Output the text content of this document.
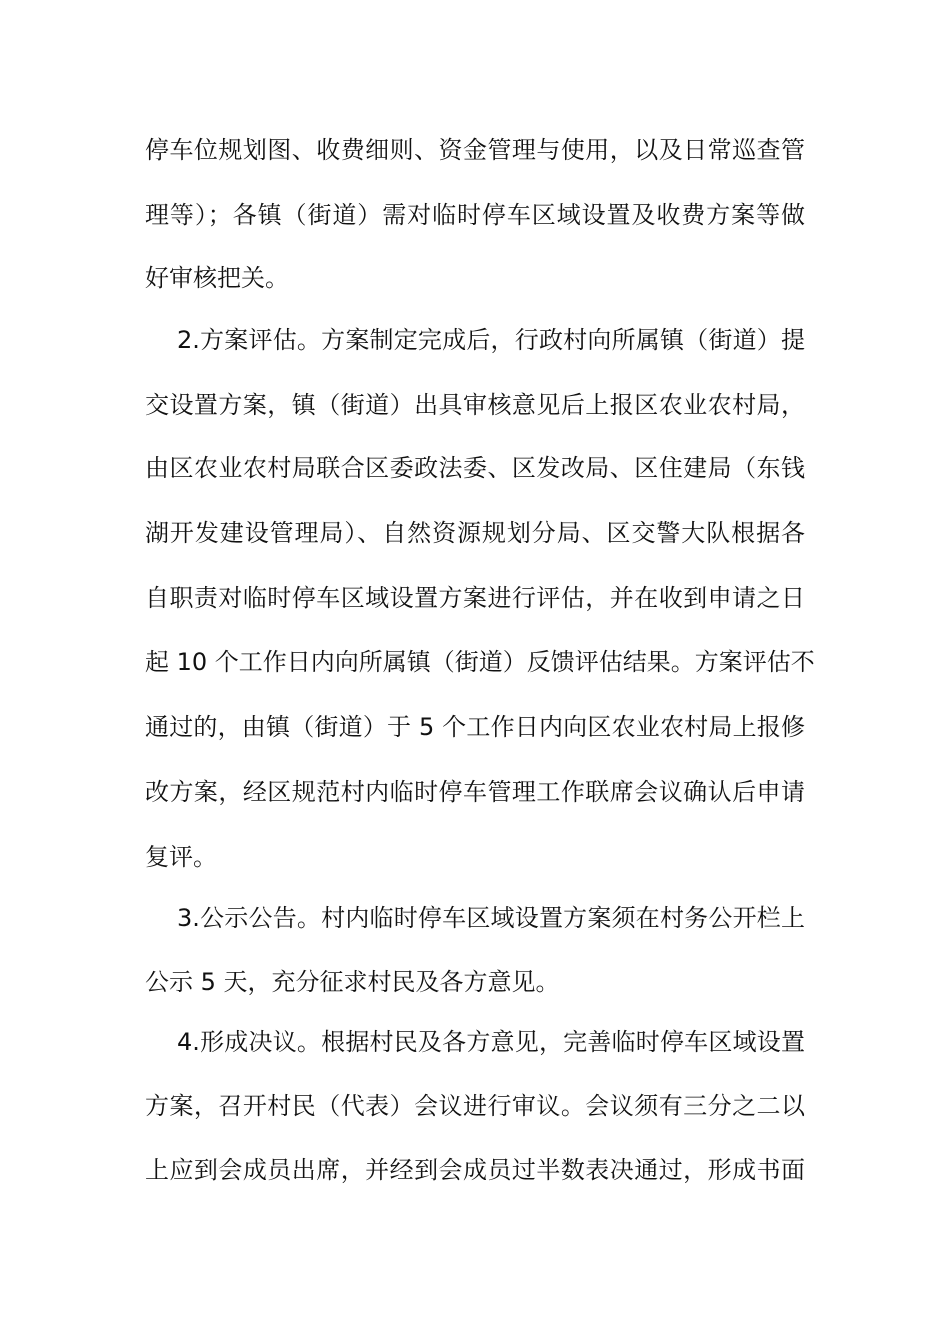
停车位规划图、收费细则、资金管理与使用，以及日常巡查管
理等）；各镇（街道）需对临时停车区域设置及收费方案等做
好审核把关。
2.方案评估。方案制定完成后，行政村向所属镇（街道）提
交设置方案，镇（街道）出具审核意见后上报区农业农村局，
由区农业农村局联合区委政法委、区发改局、区住建局（东钱
湖开发建设管理局）、自然资源规划分局、区交警大队根据各
自职责对临时停车区域设置方案进行评估，并在收到申请之日
起 10 个工作日内向所属镇（街道）反馈评估结果。方案评估不
通过的，由镇（街道）于 5 个工作日内向区农业农村局上报修
改方案，经区规范村内临时停车管理工作联席会议确认后申请
复评。
3.公示公告。村内临时停车区域设置方案须在村务公开栏上
公示 5 天，充分征求村民及各方意见。
4.形成决议。根据村民及各方意见，完善临时停车区域设置
方案，召开村民（代表）会议进行审议。会议须有三分之二以
上应到会成员出席，并经到会成员过半数表决通过，形成书面
